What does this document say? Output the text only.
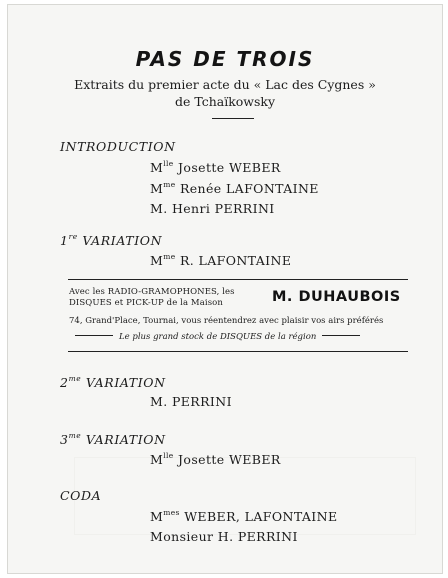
PAS DE TROIS
Extraits du premier acte du « Lac des Cygnes »
de Tchaïkowsky
INTRODUCTION
$M^{lle}$ Josette WEBER
$M^{me}$ Renée LAFONTAINE
M. Henri PERRINI
1re VARIATION
$M^{me}$ R. LAFONTAINE
Avec les RADIO-GRAMOPHONES, les
DISQUES et PICK-UP de la Maison	M. DUHAUBOIS
74, Grand'Place, Tournai, vous réentendrez avec plaisir vos airs préférés
Le plus grand stock de DISQUES de la région
$2^{me}$ VARIATION
M. PERRINI
$3^{me}$ VARIATION
$M^{lle}$ Josette WEBER
CODA
$M^{mes}$ WEBER, LAFONTAINE
Monsieur H. PERRINI
